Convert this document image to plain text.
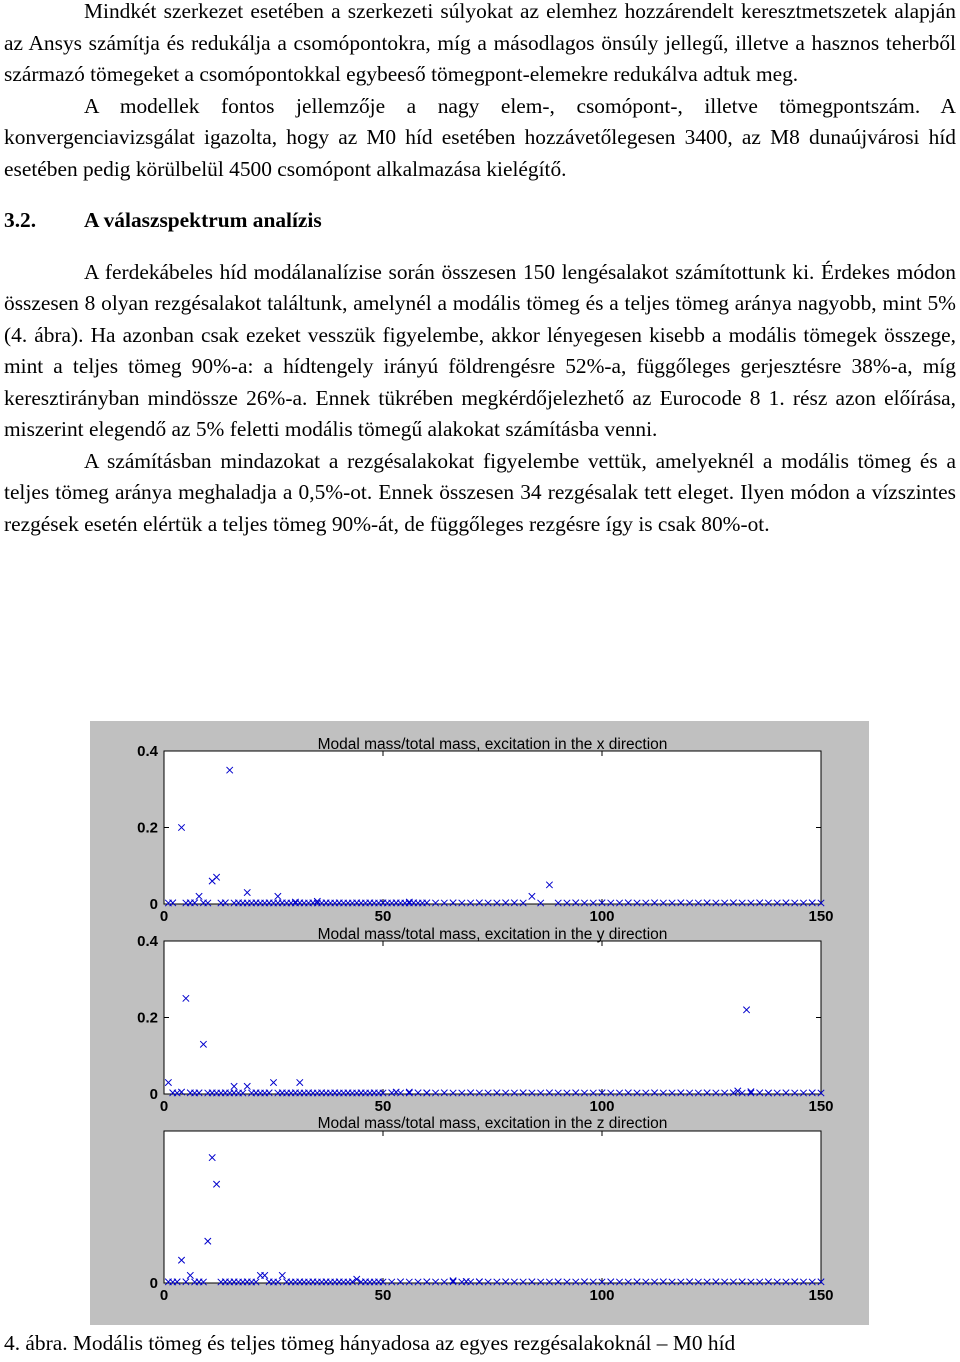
Mindkét szerkezet esetében a szerkezeti súlyokat az elemhez hozzárendelt keresztmetszetek alapján az Ansys számítja és redukálja a csomópontokra, míg a másodlagos önsúly jellegű, illetve a hasznos teherből származó tömegeket a csomópontokkal egybeeső tömegpont-elemekre redukálva adtuk meg.

A modellek fontos jellemzője a nagy elem-, csomópont-, illetve tömegpontszám. A konvergenciavizsgálat igazolta, hogy az M0 híd esetében hozzávetőlegesen 3400, az M8 dunaújvárosi híd esetében pedig körülbelül 4500 csomópont alkalmazása kielégítő.

3.2.	A válaszspektrum analízis

A ferdekábeles híd modálanalízise során összesen 150 lengésalakot számítottunk ki. Érdekes módon összesen 8 olyan rezgésalakot találtunk, amelynél a modális tömeg és a teljes tömeg aránya nagyobb, mint 5% (4. ábra). Ha azonban csak ezeket vesszük figyelembe, akkor lényegesen kisebb a modális tömegek összege, mint a teljes tömeg 90%-a: a hídtengely irányú földrengésre 52%-a, függőleges gerjesztésre 38%-a, míg keresztirányban mindössze 26%-a. Ennek tükrében megkérdőjelezhető az Eurocode 8 1. rész azon előírása, miszerint elegendő az 5% feletti modális tömegű alakokat számításba venni.

A számításban mindazokat a rezgésalakokat figyelembe vettük, amelyeknél a modális tömeg és a teljes tömeg aránya meghaladja a 0,5%-ot. Ennek összesen 34 rezgésalak tett eleget. Ilyen módon a vízszintes rezgések esetén elértük a teljes tömeg 90%-át, de függőleges rezgésre így is csak 80%-ot.

Modal mass/total mass, excitation in the x direction
0	50	100	150
0
0.2
0.4
Modal mass/total mass, excitation in the y direction
0	50	100	150
0
0.2
0.4
Modal mass/total mass, excitation in the z direction
0	50	100	150
0
4. ábra. Modális tömeg és teljes tömeg hányadosa az egyes rezgésalakoknál – M0 híd
